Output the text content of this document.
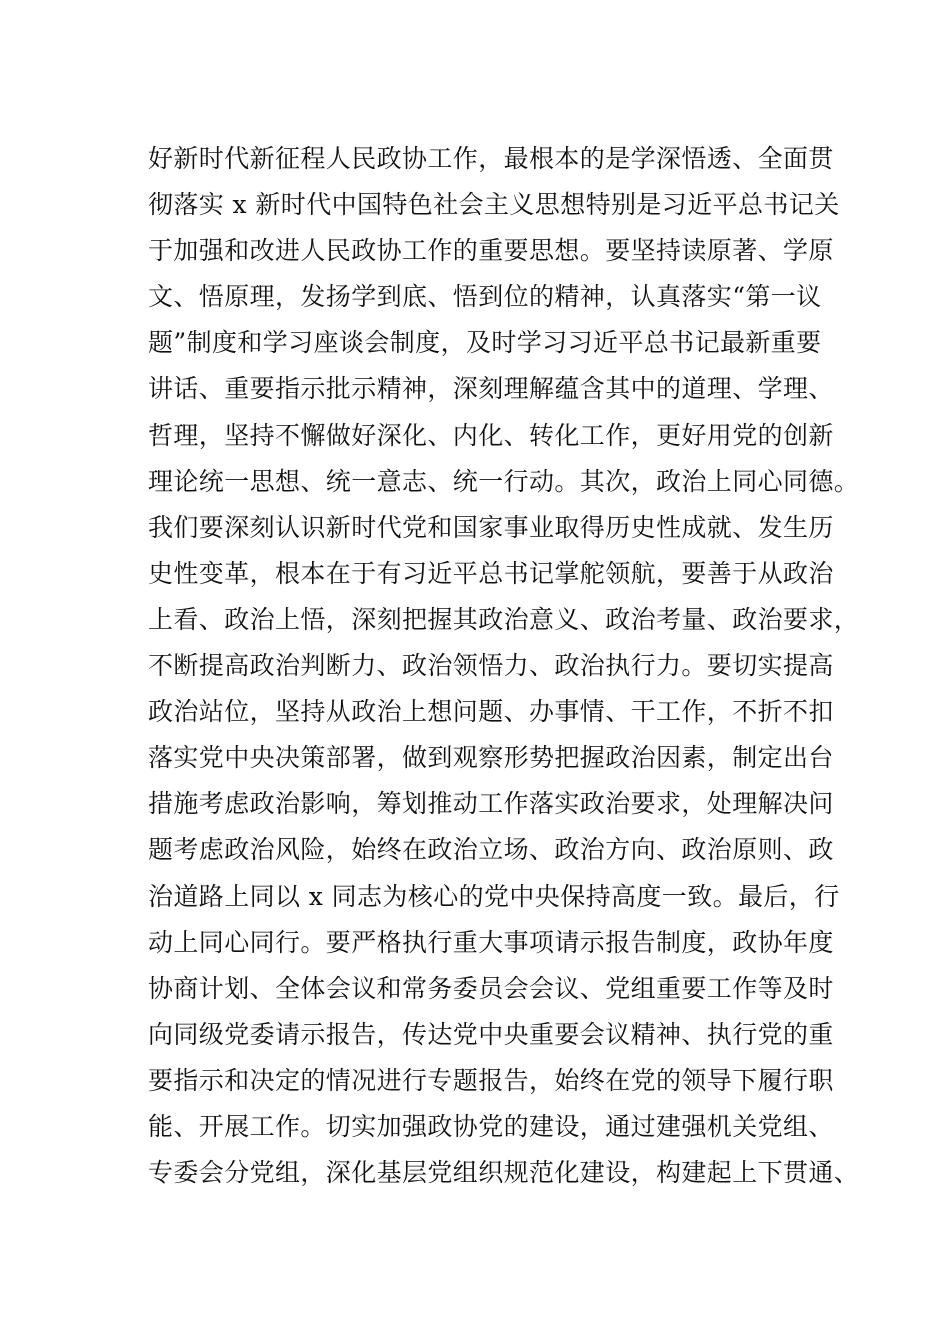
好新时代新征程人民政协工作，最根本的是学深悟透、全面贯
彻落实 x 新时代中国特色社会主义思想特别是习近平总书记关
于加强和改进人民政协工作的重要思想。要坚持读原著、学原
文、悟原理，发扬学到底、悟到位的精神，认真落实“第一议
题”制度和学习座谈会制度，及时学习习近平总书记最新重要
讲话、重要指示批示精神，深刻理解蕴含其中的道理、学理、
哲理，坚持不懈做好深化、内化、转化工作，更好用党的创新
理论统一思想、统一意志、统一行动。其次，政治上同心同德。
我们要深刻认识新时代党和国家事业取得历史性成就、发生历
史性变革，根本在于有习近平总书记掌舵领航，要善于从政治
上看、政治上悟，深刻把握其政治意义、政治考量、政治要求，
不断提高政治判断力、政治领悟力、政治执行力。要切实提高
政治站位，坚持从政治上想问题、办事情、干工作，不折不扣
落实党中央决策部署，做到观察形势把握政治因素，制定出台
措施考虑政治影响，筹划推动工作落实政治要求，处理解决问
题考虑政治风险，始终在政治立场、政治方向、政治原则、政
治道路上同以 x 同志为核心的党中央保持高度一致。最后，行
动上同心同行。要严格执行重大事项请示报告制度，政协年度
协商计划、全体会议和常务委员会会议、党组重要工作等及时
向同级党委请示报告，传达党中央重要会议精神、执行党的重
要指示和决定的情况进行专题报告，始终在党的领导下履行职
能、开展工作。切实加强政协党的建设，通过建强机关党组、
专委会分党组，深化基层党组织规范化建设，构建起上下贯通、
